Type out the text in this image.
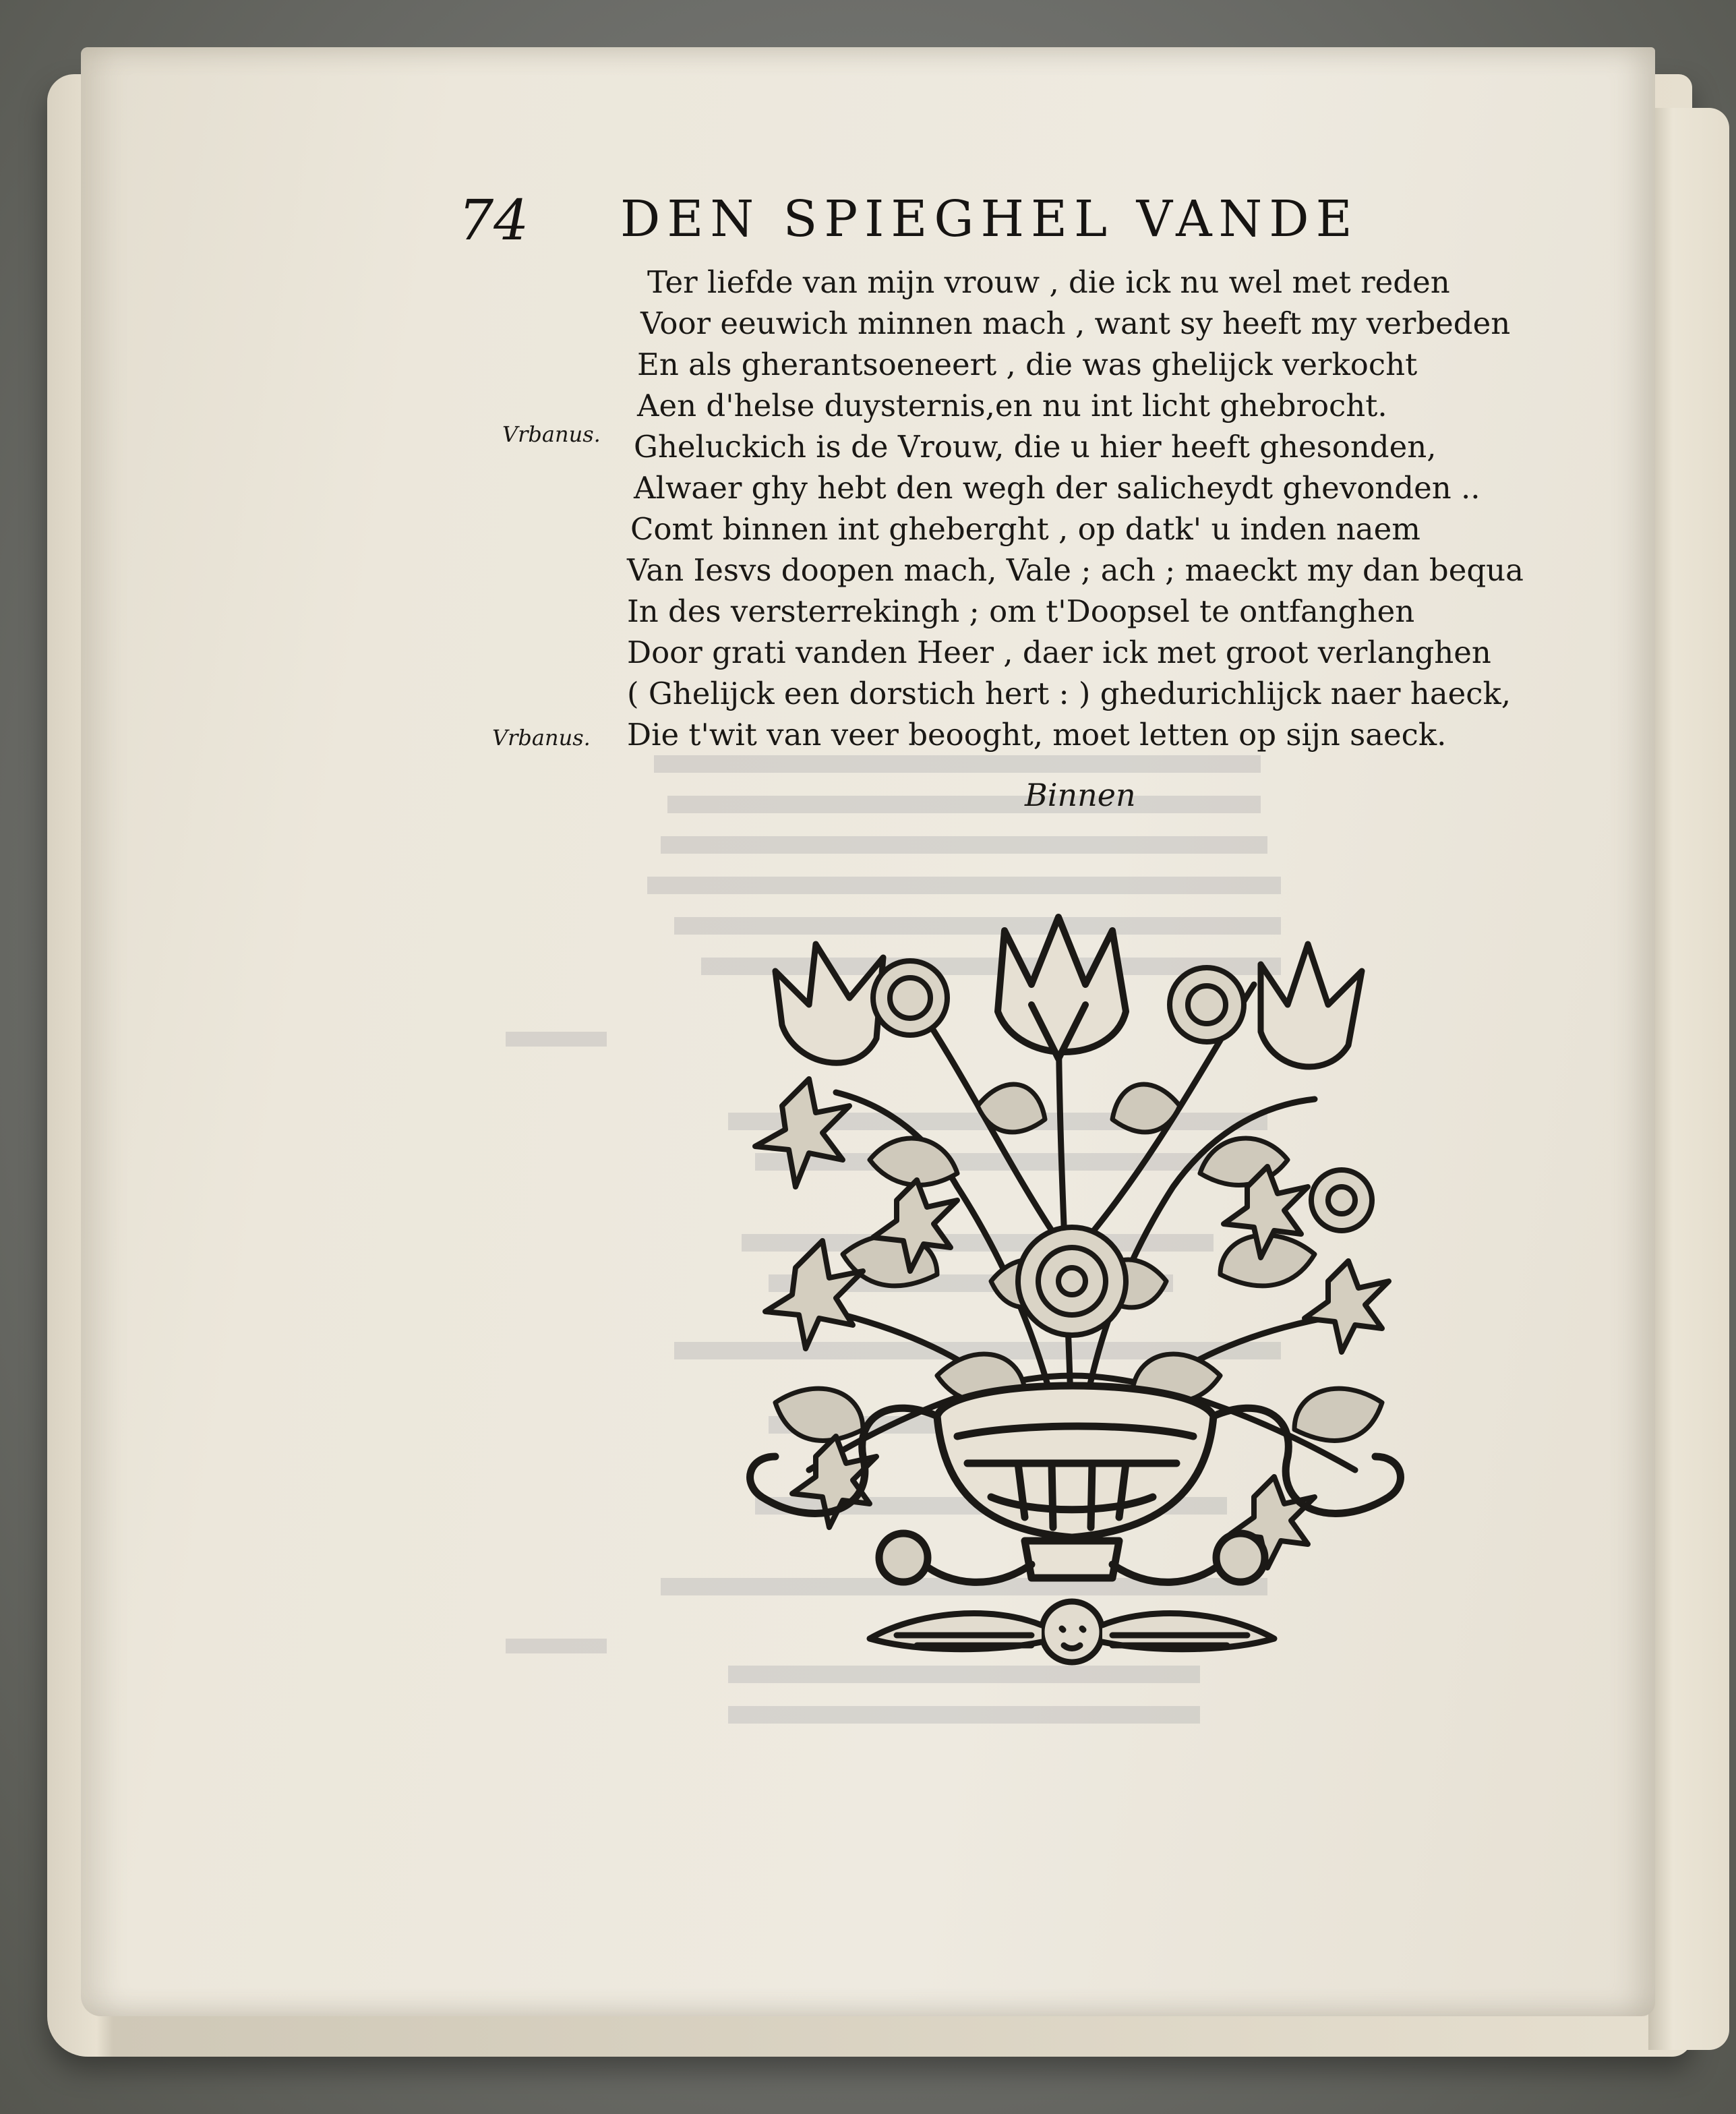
74 DEN SPIEGHEL VANDE
Vrbanus.
Vrbanus.
Ter liefde van mijn vrouw , die ick nu wel met reden
Voor eeuwich minnen mach , want sy heeft my verbeden
En als gherantsoeneert , die was ghelijck verkocht
Aen d'helse duysternis,en nu int licht ghebrocht.
Gheluckich is de Vrouw, die u hier heeft ghesonden,
Alwaer ghy hebt den wegh der salicheydt ghevonden ..
Comt binnen int gheberght , op datk' u inden naem
Van Iesvs doopen mach, Vale ; ach ; maeckt my dan bequa
In des versterrekingh ; om t'Doopsel te ontfanghen
Door grati vanden Heer , daer ick met groot verlanghen
( Ghelijck een dorstich hert : ) ghedurichlijck naer haeck,
Die t'wit van veer beooght, moet letten op sijn saeck.
Binnen
